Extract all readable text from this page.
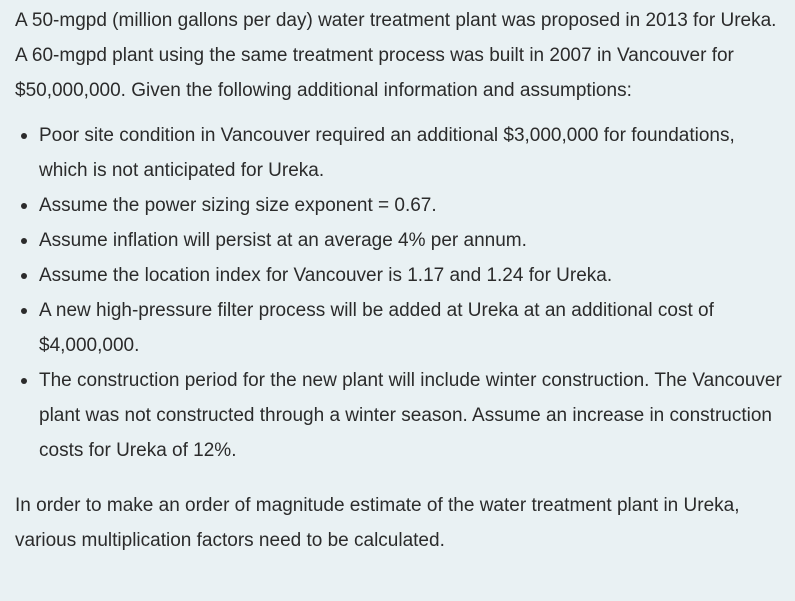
A 50-mgpd (million gallons per day) water treatment plant was proposed in 2013 for Ureka. A 60-mgpd plant using the same treatment process was built in 2007 in Vancouver for $50,000,000. Given the following additional information and assumptions:

Poor site condition in Vancouver required an additional $3,000,000 for foundations, which is not anticipated for Ureka.
Assume the power sizing size exponent = 0.67.
Assume inflation will persist at an average 4% per annum.
Assume the location index for Vancouver is 1.17 and 1.24 for Ureka.
A new high-pressure filter process will be added at Ureka at an additional cost of $4,000,000.
The construction period for the new plant will include winter construction. The Vancouver plant was not constructed through a winter season. Assume an increase in construction costs for Ureka of 12%.

In order to make an order of magnitude estimate of the water treatment plant in Ureka, various multiplication factors need to be calculated.
